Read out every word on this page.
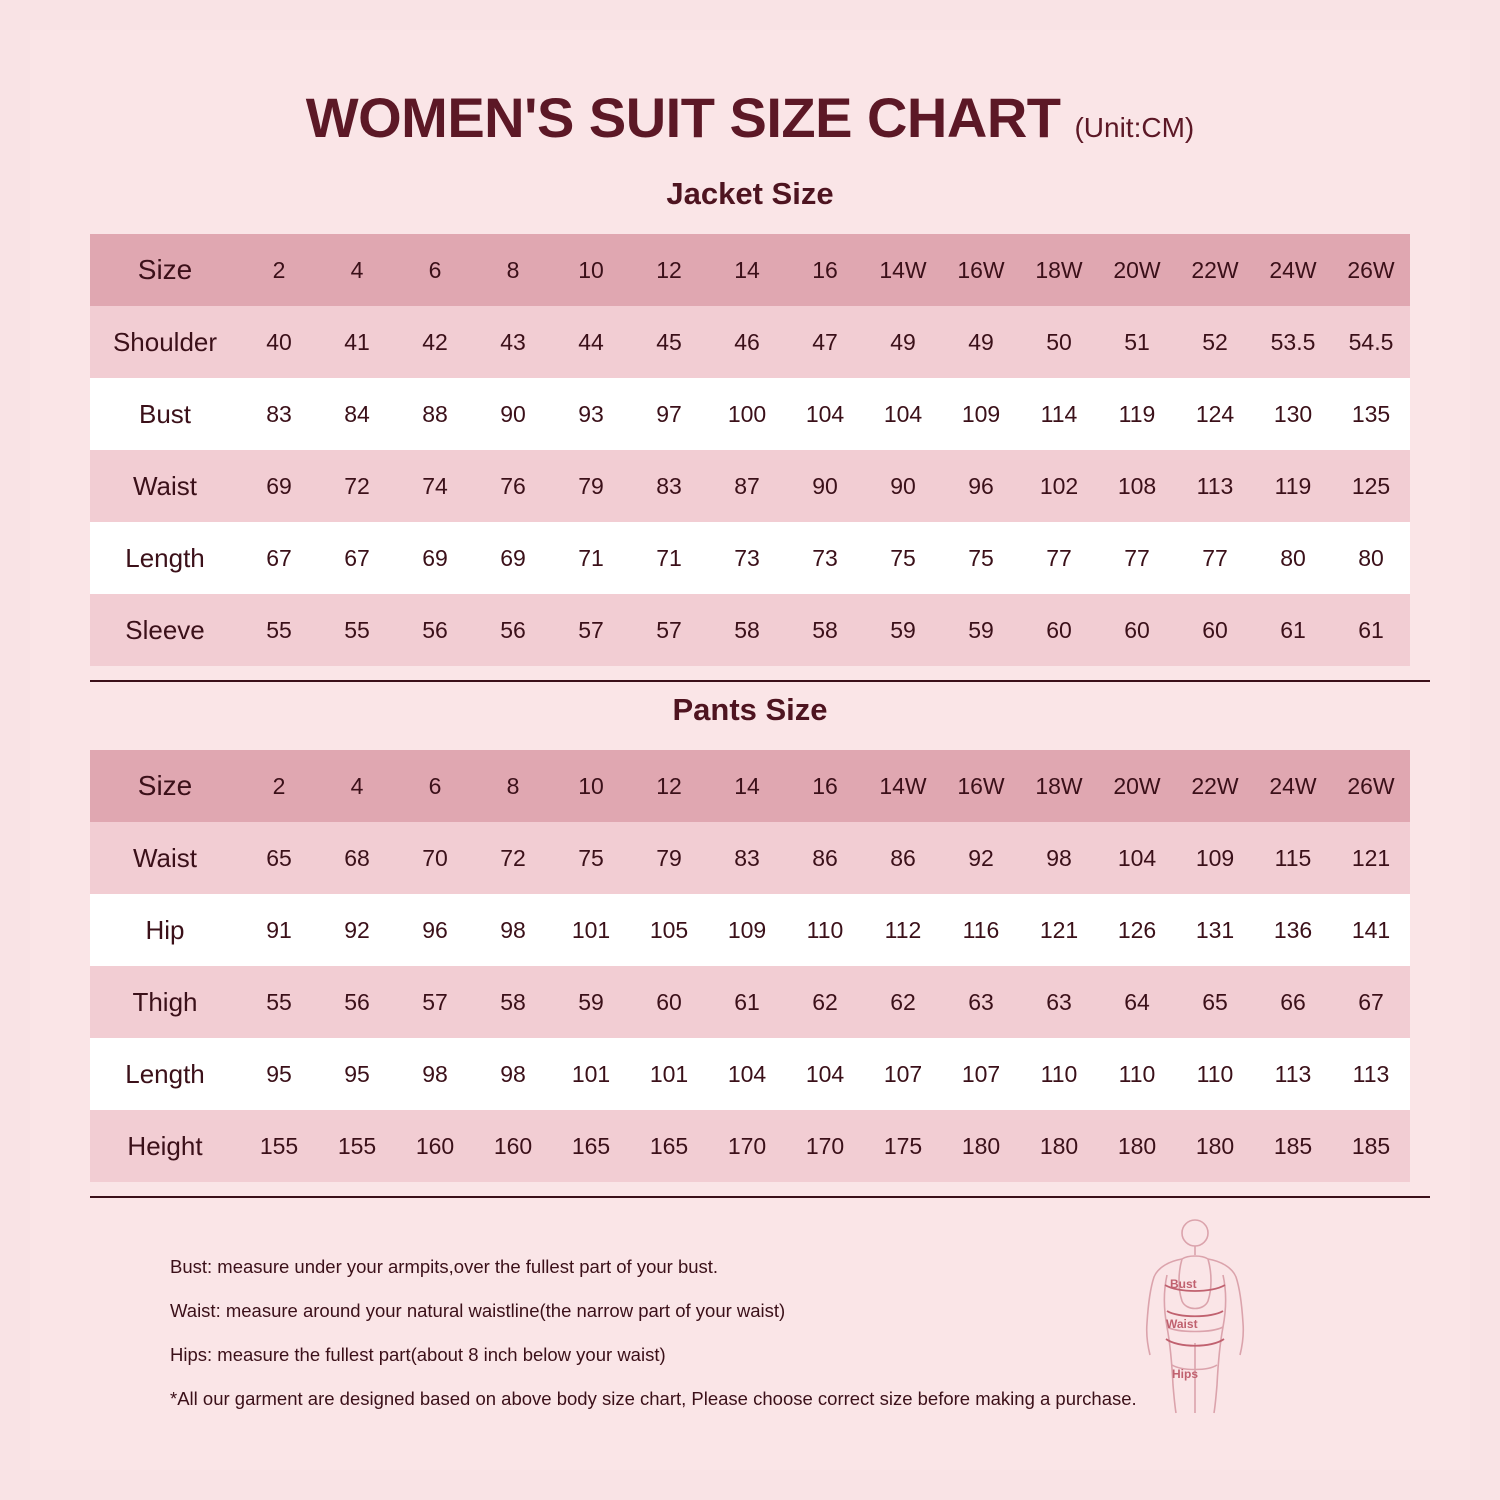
WOMEN'S SUIT SIZE CHART (Unit:CM)
Jacket Size
Size	2	4	6	8	10	12	14	16	14W	16W	18W	20W	22W	24W	26W
Shoulder	40	41	42	43	44	45	46	47	49	49	50	51	52	53.5	54.5
Bust	83	84	88	90	93	97	100	104	104	109	114	119	124	130	135
Waist	69	72	74	76	79	83	87	90	90	96	102	108	113	119	125
Length	67	67	69	69	71	71	73	73	75	75	77	77	77	80	80
Sleeve	55	55	56	56	57	57	58	58	59	59	60	60	60	61	61
Pants Size
Size	2	4	6	8	10	12	14	16	14W	16W	18W	20W	22W	24W	26W
Waist	65	68	70	72	75	79	83	86	86	92	98	104	109	115	121
Hip	91	92	96	98	101	105	109	110	112	116	121	126	131	136	141
Thigh	55	56	57	58	59	60	61	62	62	63	63	64	65	66	67
Length	95	95	98	98	101	101	104	104	107	107	110	110	110	113	113
Height	155	155	160	160	165	165	170	170	175	180	180	180	180	185	185
Bust: measure under your armpits,over the fullest part of your bust.
Waist: measure around your natural waistline(the narrow part of your waist)
Hips: measure the fullest part(about 8 inch below your waist)
*All our garment are designed based on above body size chart, Please choose correct size before making a purchase.
Bust
Waist
Hips
